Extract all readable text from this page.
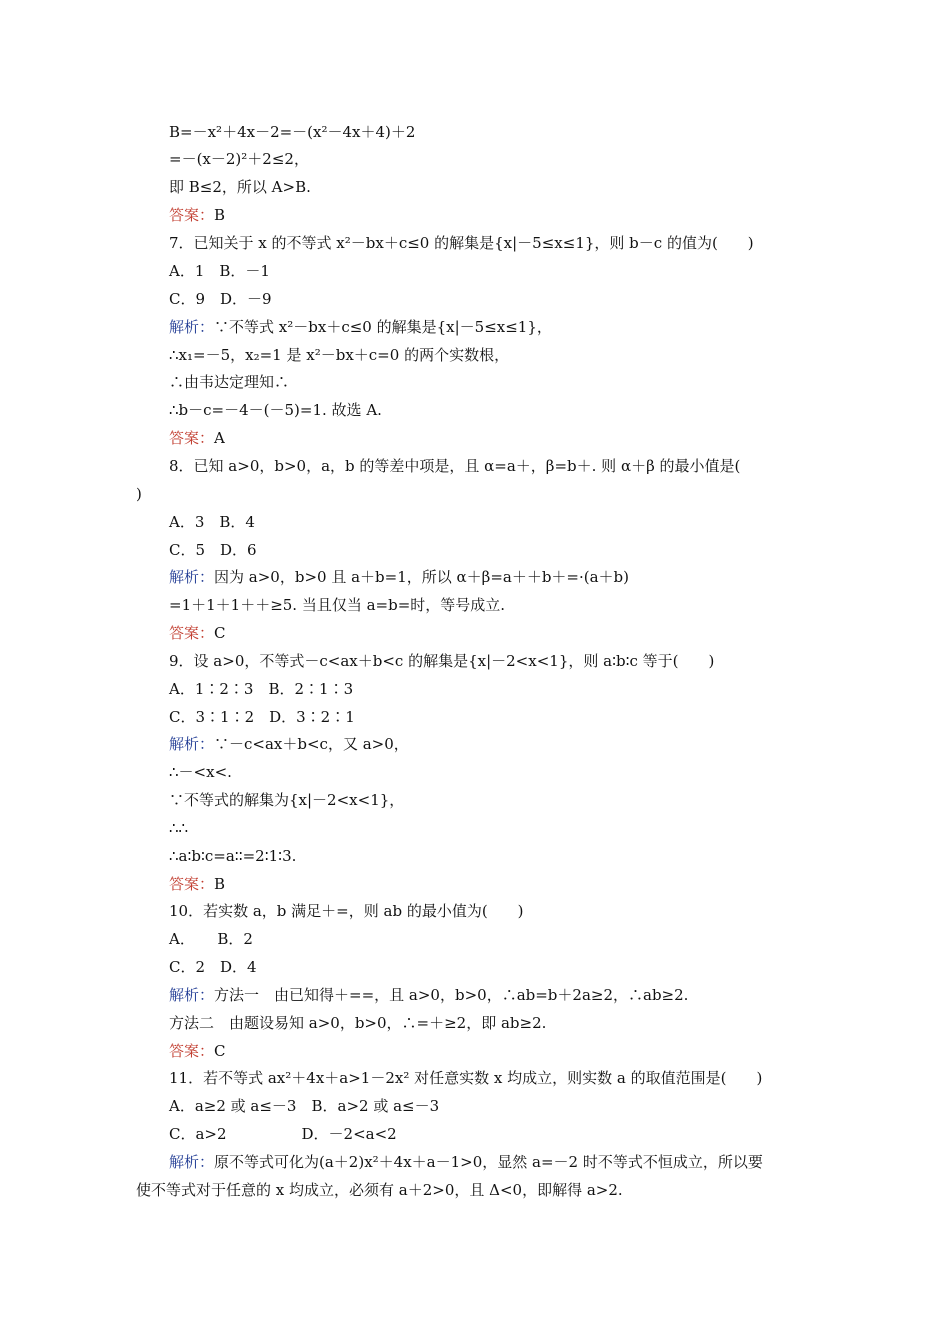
B=－x²＋4x－2=－(x²－4x＋4)＋2
=－(x－2)²＋2≤2，
即 B≤2，所以 A>B.
答案：B
7．已知关于 x 的不等式 x²－bx＋c≤0 的解集是{x|－5≤x≤1}，则 b－c 的值为(　　)
A．1　B．－1
C．9　D．－9
解析：∵不等式 x²－bx＋c≤0 的解集是{x|－5≤x≤1}，
∴x₁=－5，x₂=1 是 x²－bx＋c=0 的两个实数根，
∴由韦达定理知∴
∴b－c=－4－(－5)=1. 故选 A.
答案：A
8．已知 a>0，b>0，a，b 的等差中项是，且 α=a＋，β=b＋. 则 α＋β 的最小值是(
)
A．3　B．4
C．5　D．6
解析：因为 a>0，b>0 且 a＋b=1，所以 α＋β=a＋＋b＋=·(a＋b)
=1＋1＋1＋＋≥5. 当且仅当 a=b=时，等号成立.
答案：C
9．设 a>0，不等式－c<ax＋b<c 的解集是{x|－2<x<1}，则 a∶b∶c 等于(　　)
A．1∶2∶3　B．2∶1∶3
C．3∶1∶2　D．3∶2∶1
解析：∵－c<ax＋b<c，又 a>0，
∴－<x<.
∵不等式的解集为{x|－2<x<1}，
∴∴
∴a∶b∶c=a∶∶=2∶1∶3.
答案：B
10．若实数 a，b 满足＋=，则 ab 的最小值为(　　)
A．　　B．2
C．2　D．4
解析：方法一　由已知得＋==，且 a>0，b>0，∴ab=b＋2a≥2，∴ab≥2.
方法二　由题设易知 a>0，b>0，∴=＋≥2，即 ab≥2.
答案：C
11．若不等式 ax²＋4x＋a>1－2x² 对任意实数 x 均成立，则实数 a 的取值范围是(　　)
A．a≥2 或 a≤－3　B．a>2 或 a≤－3
C．a>2　　　　　D．－2<a<2
解析：原不等式可化为(a＋2)x²＋4x＋a－1>0，显然 a=－2 时不等式不恒成立，所以要
使不等式对于任意的 x 均成立，必须有 a＋2>0，且 Δ<0，即解得 a>2.
